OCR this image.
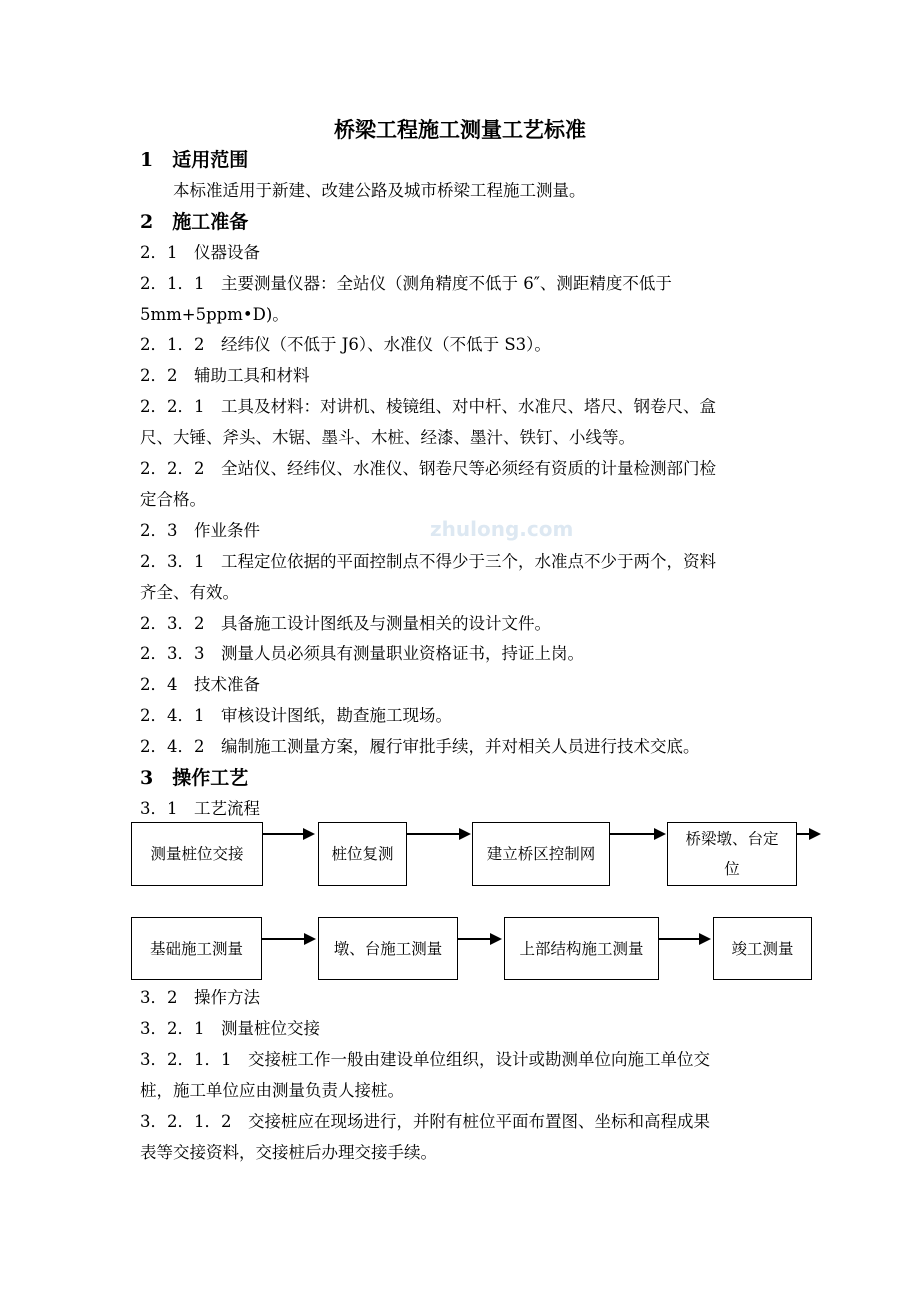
zhulong.com
桥梁工程施工测量工艺标准
1　适用范围
本标准适用于新建、改建公路及城市桥梁工程施工测量。
2　施工准备
2．1　仪器设备
2．1．1　主要测量仪器：全站仪（测角精度不低于 6″、测距精度不低于
5mm+5ppm•D)。
2．1．2　经纬仪（不低于 J6）、水准仪（不低于 S3）。
2．2　辅助工具和材料
2．2．1　工具及材料：对讲机、棱镜组、对中杆、水准尺、塔尺、钢卷尺、盒
尺、大锤、斧头、木锯、墨斗、木桩、经漆、墨汁、铁钉、小线等。
2．2．2　全站仪、经纬仪、水准仪、钢卷尺等必须经有资质的计量检测部门检
定合格。
2．3　作业条件
2．3．1　工程定位依据的平面控制点不得少于三个，水准点不少于两个，资料
齐全、有效。
2．3．2　具备施工设计图纸及与测量相关的设计文件。
2．3．3　测量人员必须具有测量职业资格证书，持证上岗。
2．4　技术准备
2．4．1　审核设计图纸，勘查施工现场。
2．4．2　编制施工测量方案，履行审批手续，并对相关人员进行技术交底。
3　操作工艺
3．1　工艺流程
测量桩位交接	桩位复测	建立桥区控制网
桥梁墩、台定位
基础施工测量	墩、台施工测量	上部结构施工测量	竣工测量
3．2　操作方法
3．2．1　测量桩位交接
3．2．1．1　交接桩工作一般由建设单位组织，设计或勘测单位向施工单位交
桩，施工单位应由测量负责人接桩。
3．2．1．2　交接桩应在现场进行，并附有桩位平面布置图、坐标和高程成果
表等交接资料，交接桩后办理交接手续。
